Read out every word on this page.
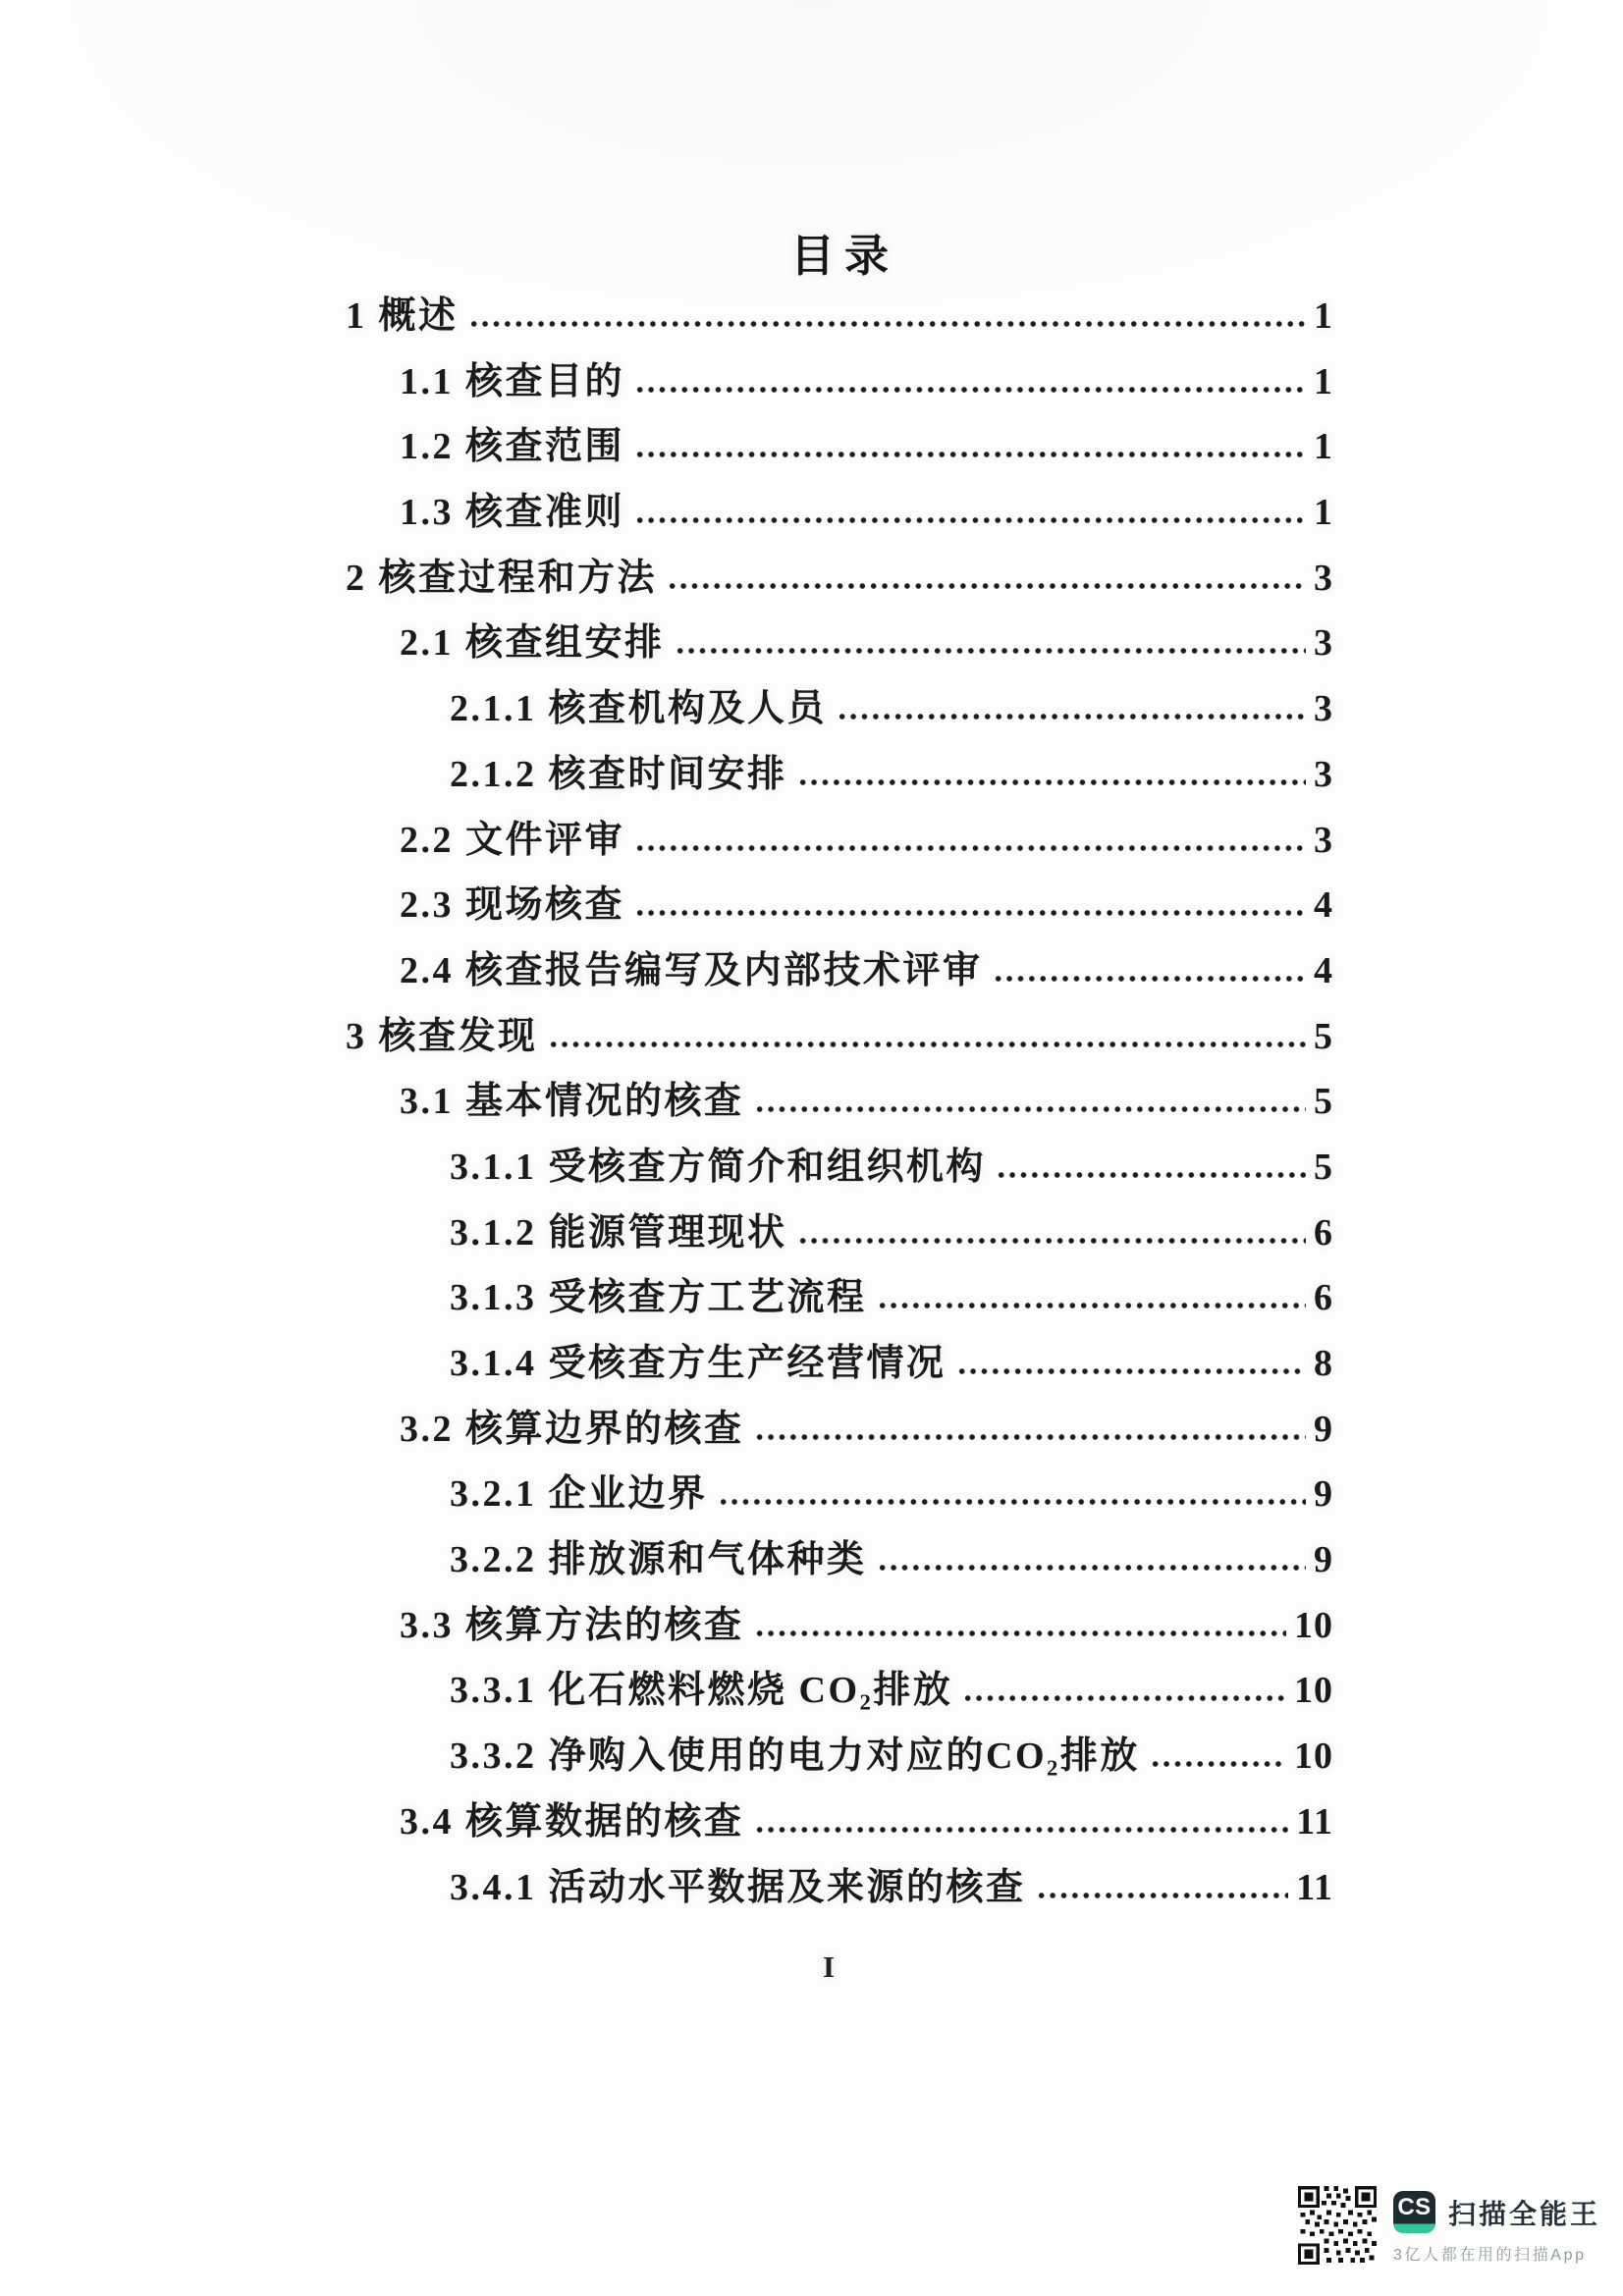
目录
1 概述	1
1.1 核查目的	1
1.2 核查范围	1
1.3 核查准则	1
2 核查过程和方法	3
2.1 核查组安排	3
2.1.1 核查机构及人员	3
2.1.2 核查时间安排	3
2.2 文件评审	3
2.3 现场核查	4
2.4 核查报告编写及内部技术评审	4
3 核查发现	5
3.1 基本情况的核查	5
3.1.1 受核查方简介和组织机构	5
3.1.2 能源管理现状	6
3.1.3 受核查方工艺流程	6
3.1.4 受核查方生产经营情况	8
3.2 核算边界的核查	9
3.2.1 企业边界	9
3.2.2 排放源和气体种类	9
3.3 核算方法的核查	10
3.3.1 化石燃料燃烧 CO₂排放	10
3.3.2 净购入使用的电力对应的CO₂排放	10
3.4 核算数据的核查	11
3.4.1 活动水平数据及来源的核查	11
I
CS 扫描全能王
3亿人都在用的扫描App
